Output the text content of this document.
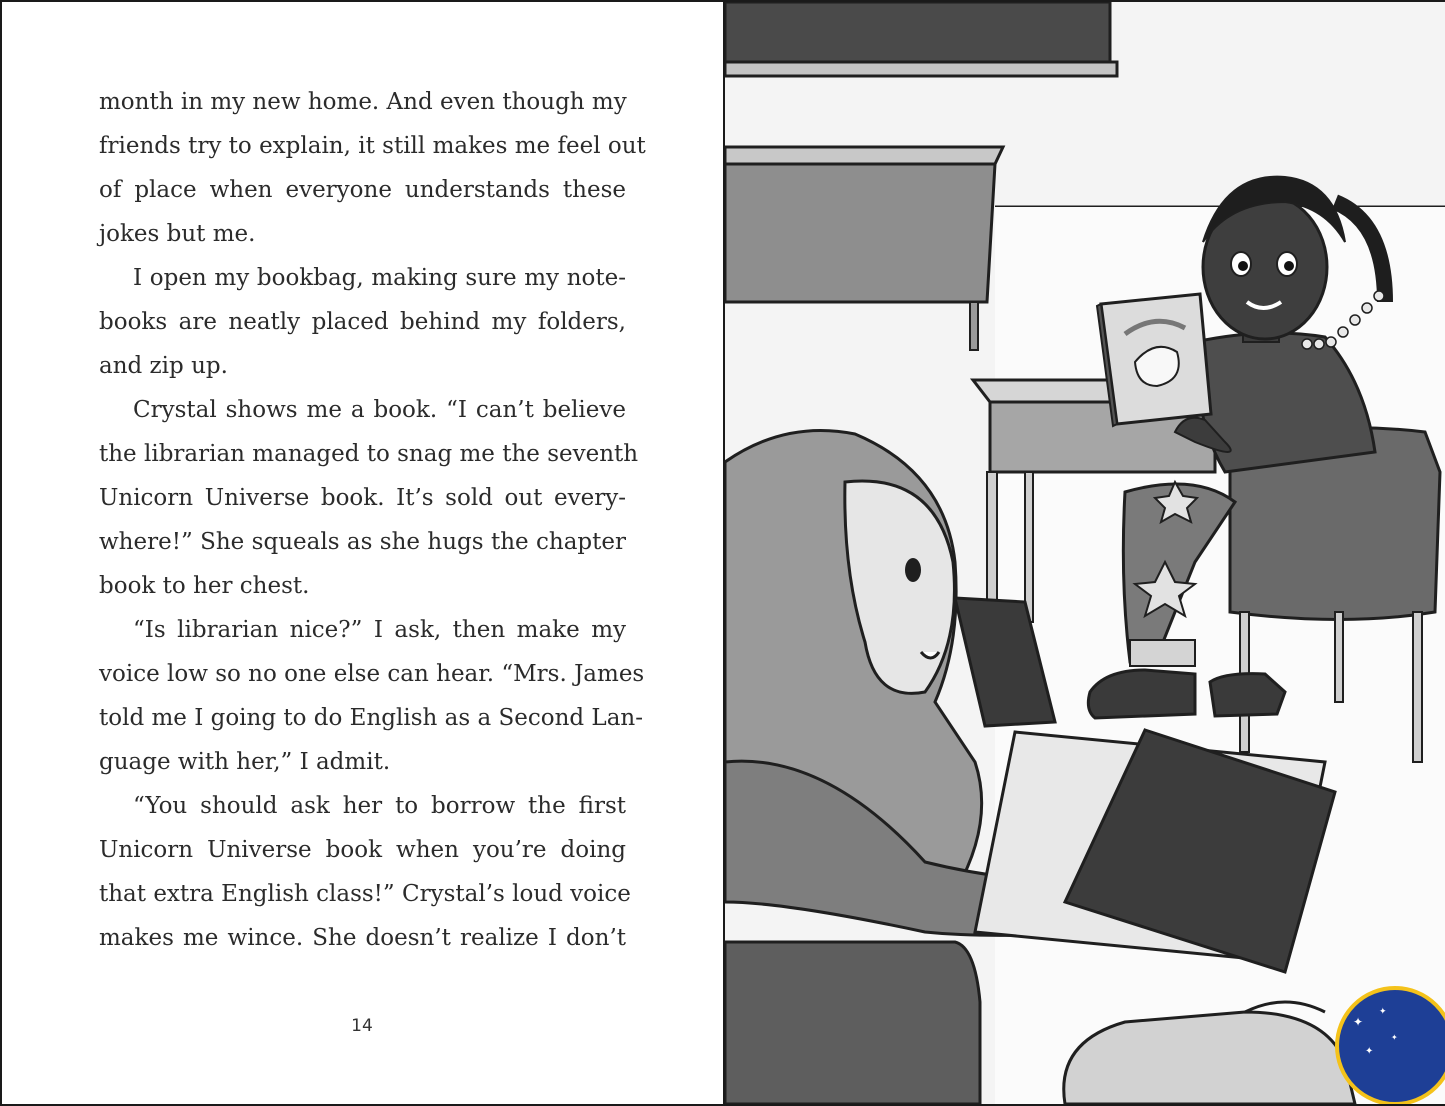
month in my new home. And even though my
friends try to explain, it still makes me feel out
of place when everyone understands these
jokes but me.
I open my bookbag, making sure my note-
books are neatly placed behind my folders,
and zip up.
Crystal shows me a book. “I can’t believe
the librarian managed to snag me the seventh
Unicorn Universe book. It’s sold out every-
where!” She squeals as she hugs the chapter
book to her chest.
“Is librarian nice?” I ask, then make my
voice low so no one else can hear. “Mrs. James
told me I going to do English as a Second Lan-
guage with her,” I admit.
“You should ask her to borrow the first
Unicorn Universe book when you’re doing
that extra English class!” Crystal’s loud voice
makes me wince. She doesn’t realize I don’t
14	✦
✦
✦
✦
